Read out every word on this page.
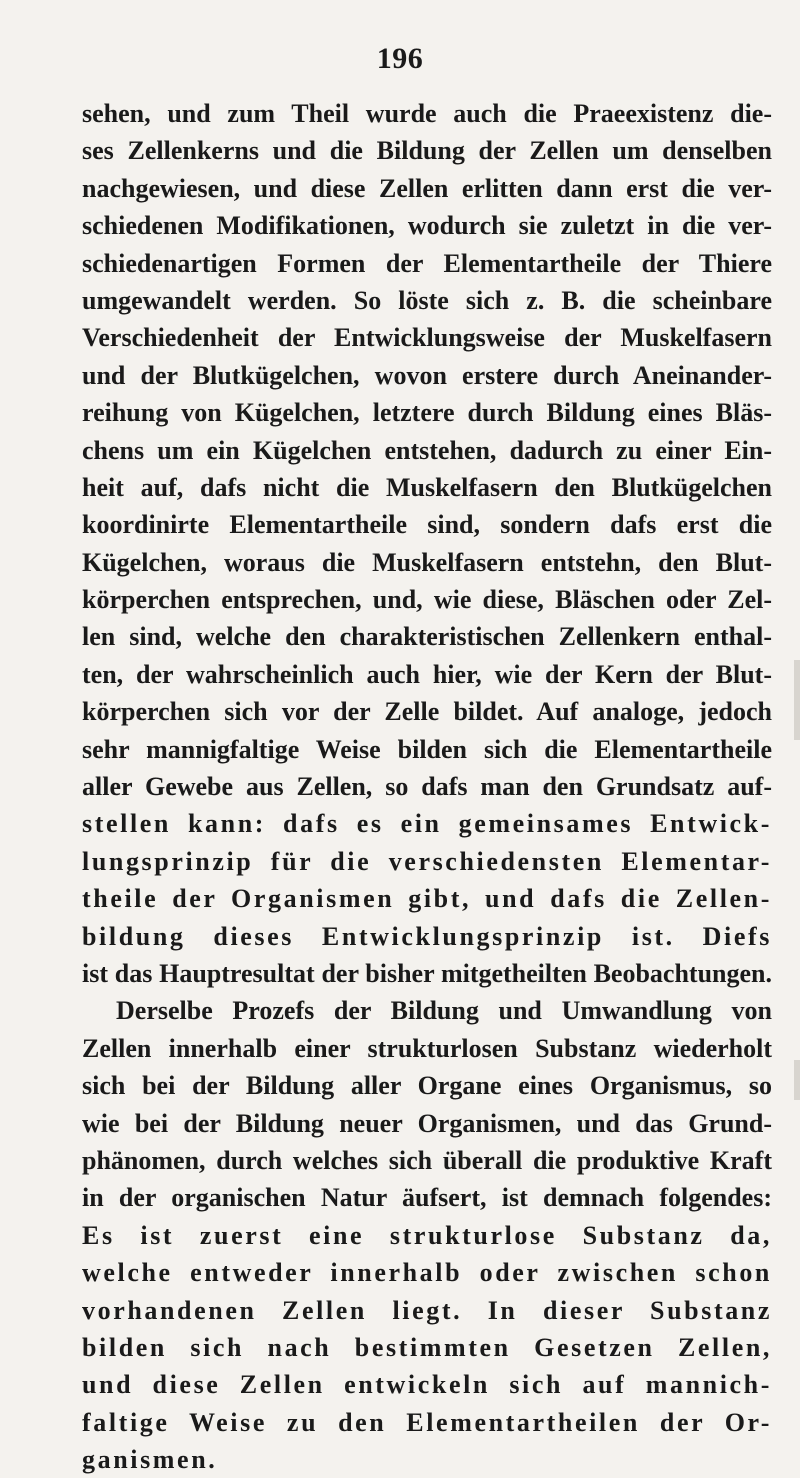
196
sehen, und zum Theil wurde auch die Praeexistenz die-
ses Zellenkerns und die Bildung der Zellen um denselben
nachgewiesen, und diese Zellen erlitten dann erst die ver-
schiedenen Modifikationen, wodurch sie zuletzt in die ver-
schiedenartigen Formen der Elementartheile der Thiere
umgewandelt werden. So löste sich z. B. die scheinbare
Verschiedenheit der Entwicklungsweise der Muskelfasern
und der Blutkügelchen, wovon erstere durch Aneinander-
reihung von Kügelchen, letztere durch Bildung eines Bläs-
chens um ein Kügelchen entstehen, dadurch zu einer Ein-
heit auf, dafs nicht die Muskelfasern den Blutkügelchen
koordinirte Elementartheile sind, sondern dafs erst die
Kügelchen, woraus die Muskelfasern entstehn, den Blut-
körperchen entsprechen, und, wie diese, Bläschen oder Zel-
len sind, welche den charakteristischen Zellenkern enthal-
ten, der wahrscheinlich auch hier, wie der Kern der Blut-
körperchen sich vor der Zelle bildet. Auf analoge, jedoch
sehr mannigfaltige Weise bilden sich die Elementartheile
aller Gewebe aus Zellen, so dafs man den Grundsatz auf-
stellen kann: dafs es ein gemeinsames Entwick-
lungsprinzip für die verschiedensten Elementar-
theile der Organismen gibt, und dafs die Zellen-
bildung dieses Entwicklungsprinzip ist. Diefs
ist das Hauptresultat der bisher mitgetheilten Beobachtungen.
Derselbe Prozefs der Bildung und Umwandlung von
Zellen innerhalb einer strukturlosen Substanz wiederholt
sich bei der Bildung aller Organe eines Organismus, so
wie bei der Bildung neuer Organismen, und das Grund-
phänomen, durch welches sich überall die produktive Kraft
in der organischen Natur äufsert, ist demnach folgendes:
Es ist zuerst eine strukturlose Substanz da,
welche entweder innerhalb oder zwischen schon
vorhandenen Zellen liegt. In dieser Substanz
bilden sich nach bestimmten Gesetzen Zellen,
und diese Zellen entwickeln sich auf mannich-
faltige Weise zu den Elementartheilen der Or-
ganismen.
